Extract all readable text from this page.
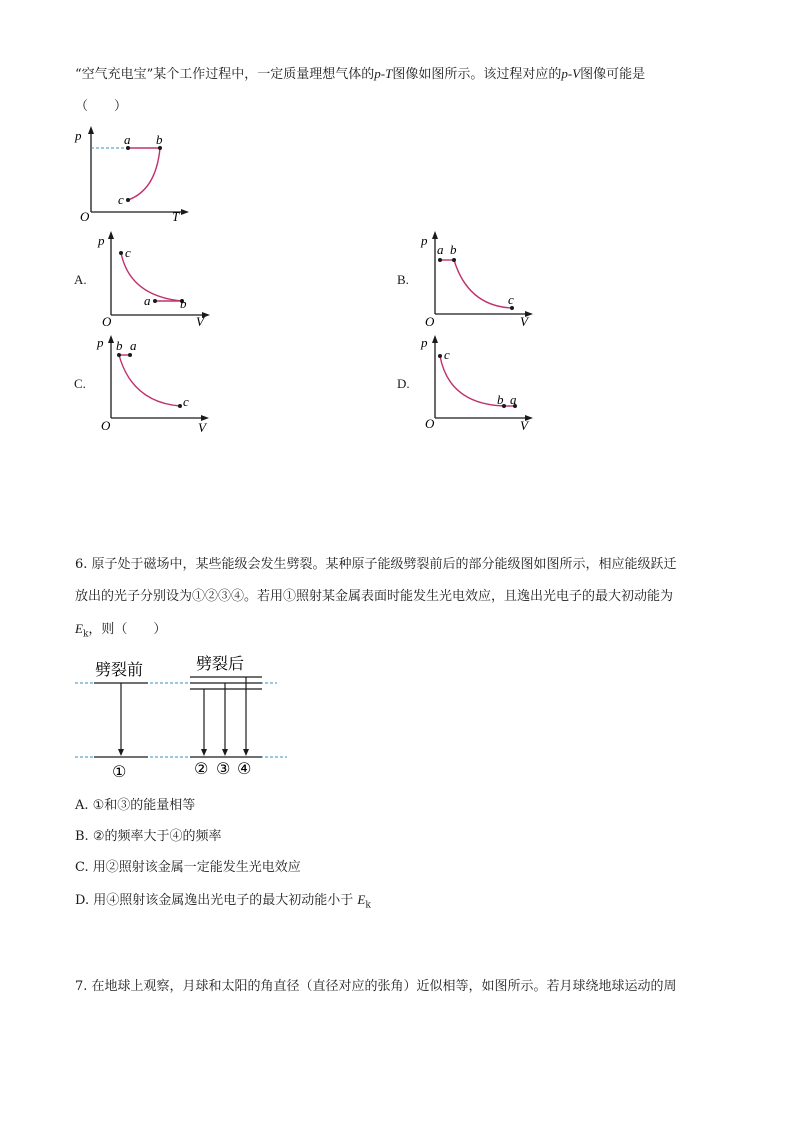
“空气充电宝”某个工作过程中，一定质量理想气体的p-T图像如图所示。该过程对应的p-V图像可能是
（　　）
p
T
O
a b
c
A.
p
V
O
c
a b
B.
p
V
O
a b
c
C.
p
V
O
b a
c
D.
p
V
O
c
b a
6. 原子处于磁场中，某些能级会发生劈裂。某种原子能级劈裂前后的部分能级图如图所示，相应能级跃迁
放出的光子分别设为①②③④。若用①照射某金属表面时能发生光电效应，且逸出光电子的最大初动能为
$E_k$，则（　　）
劈裂前	劈裂后
①	② ③ ④
A. ①和③的能量相等
B. ②的频率大于④的频率
C. 用②照射该金属一定能发生光电效应
D. 用④照射该金属逸出光电子的最大初动能小于 $E_k$
7. 在地球上观察，月球和太阳的角直径（直径对应的张角）近似相等，如图所示。若月球绕地球运动的周
